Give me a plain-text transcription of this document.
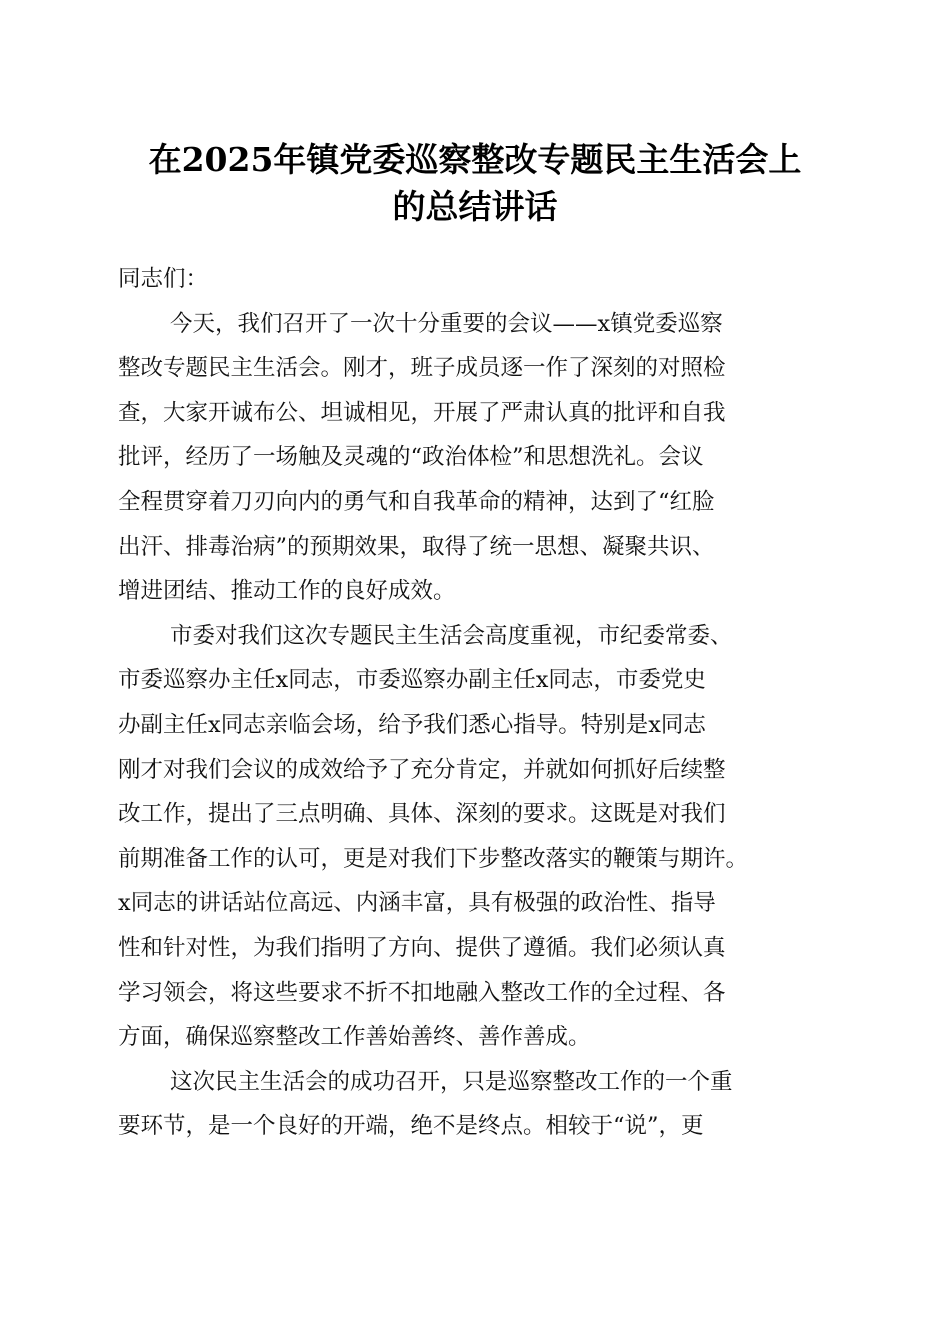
在2025年镇党委巡察整改专题民主生活会上
的总结讲话
同志们：
今天，我们召开了一次十分重要的会议——x镇党委巡察
整改专题民主生活会。刚才，班子成员逐一作了深刻的对照检
查，大家开诚布公、坦诚相见，开展了严肃认真的批评和自我
批评，经历了一场触及灵魂的“政治体检”和思想洗礼。会议
全程贯穿着刀刃向内的勇气和自我革命的精神，达到了“红脸
出汗、排毒治病”的预期效果，取得了统一思想、凝聚共识、
增进团结、推动工作的良好成效。
市委对我们这次专题民主生活会高度重视，市纪委常委、
市委巡察办主任x同志，市委巡察办副主任x同志，市委党史
办副主任x同志亲临会场，给予我们悉心指导。特别是x同志
刚才对我们会议的成效给予了充分肯定，并就如何抓好后续整
改工作，提出了三点明确、具体、深刻的要求。这既是对我们
前期准备工作的认可，更是对我们下步整改落实的鞭策与期许。
x同志的讲话站位高远、内涵丰富，具有极强的政治性、指导
性和针对性，为我们指明了方向、提供了遵循。我们必须认真
学习领会，将这些要求不折不扣地融入整改工作的全过程、各
方面，确保巡察整改工作善始善终、善作善成。
这次民主生活会的成功召开，只是巡察整改工作的一个重
要环节，是一个良好的开端，绝不是终点。相较于“说”，更
